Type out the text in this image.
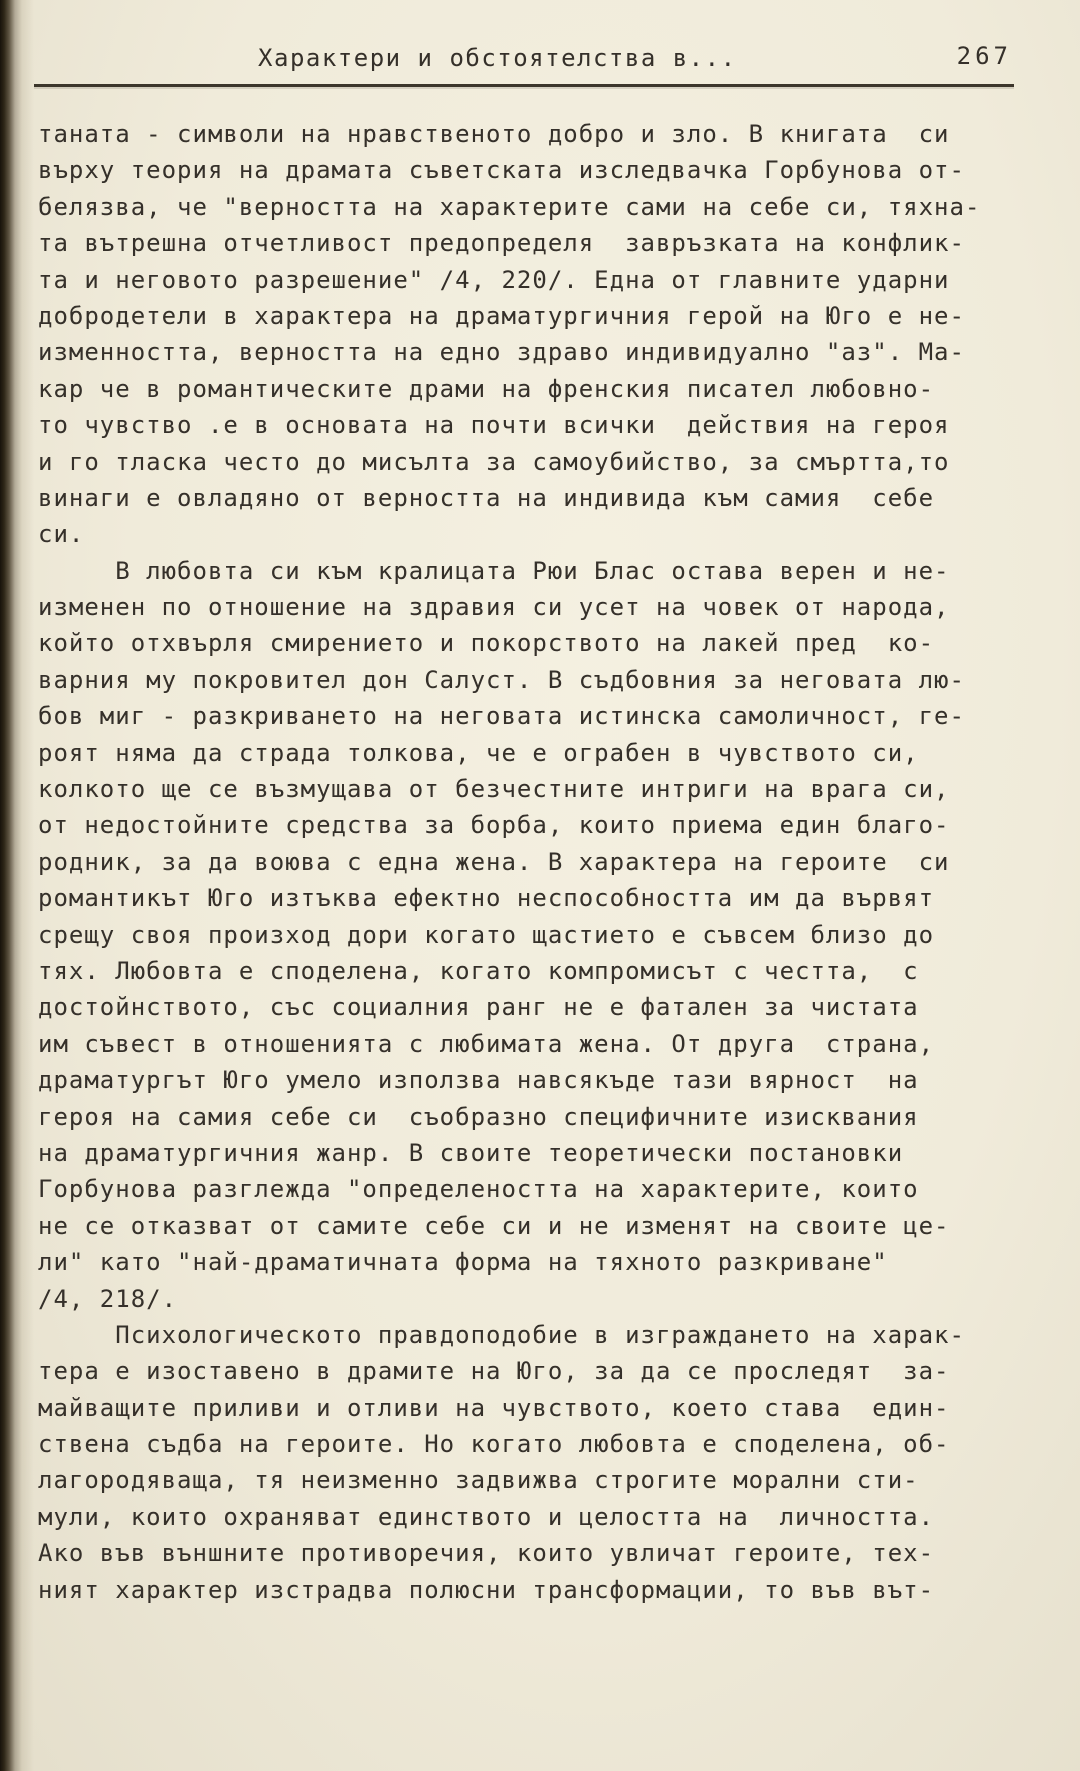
Характери и обстоятелства в...

	267

таната - символи на нравственото добро и зло. В книгата  си
върху теория на драмата съветската изследвачка Горбунова от-
белязва, че "верността на характерите сами на себе си, тяхна-
та вътрешна отчетливост предопределя  завръзката на конфлик-
та и неговото разрешение" /4, 220/. Една от главните ударни
добродетели в характера на драматургичния герой на Юго е не-
изменността, верността на едно здраво индивидуално "аз". Ма-
кар че в романтическите драми на френския писател любовно-
то чувство .е в основата на почти всички  действия на героя
и го тласка често до мисълта за самоубийство, за смъртта,то
винаги е овладяно от верността на индивида към самия  себе
си.
В любовта си към кралицата Рюи Блас остава верен и не-
изменен по отношение на здравия си усет на човек от народа,
който отхвърля смирението и покорството на лакей пред  ко-
варния му покровител дон Салуст. В съдбовния за неговата лю-
бов миг - разкриването на неговата истинска самоличност, ге-
роят няма да страда толкова, че е ограбен в чувството си,
колкото ще се възмущава от безчестните интриги на врага си,
от недостойните средства за борба, които приема един благо-
родник, за да воюва с една жена. В характера на героите  си
романтикът Юго изтъква ефектно неспособността им да вървят
срещу своя произход дори когато щастието е съвсем близо до
тях. Любовта е споделена, когато компромисът с честта,  с
достойнството, със социалния ранг не е фатален за чистата
им съвест в отношенията с любимата жена. От друга  страна,
драматургът Юго умело използва навсякъде тази вярност  на
героя на самия себе си  съобразно специфичните изисквания
на драматургичния жанр. В своите теоретически постановки
Горбунова разглежда "определеността на характерите, които
не се отказват от самите себе си и не изменят на своите це-
ли" като "най-драматичната форма на тяхното разкриване"
/4, 218/.
Психологическото правдоподобие в изграждането на харак-
тера е изоставено в драмите на Юго, за да се проследят  за-
майващите приливи и отливи на чувството, което става  един-
ствена съдба на героите. Но когато любовта е споделена, об-
лагородяваща, тя неизменно задвижва строгите морални сти-
мули, които охраняват единството и целостта на  личността.
Ако във външните противоречия, които увличат героите, тех-
ният характер изстрадва полюсни трансформации, то във вът-
